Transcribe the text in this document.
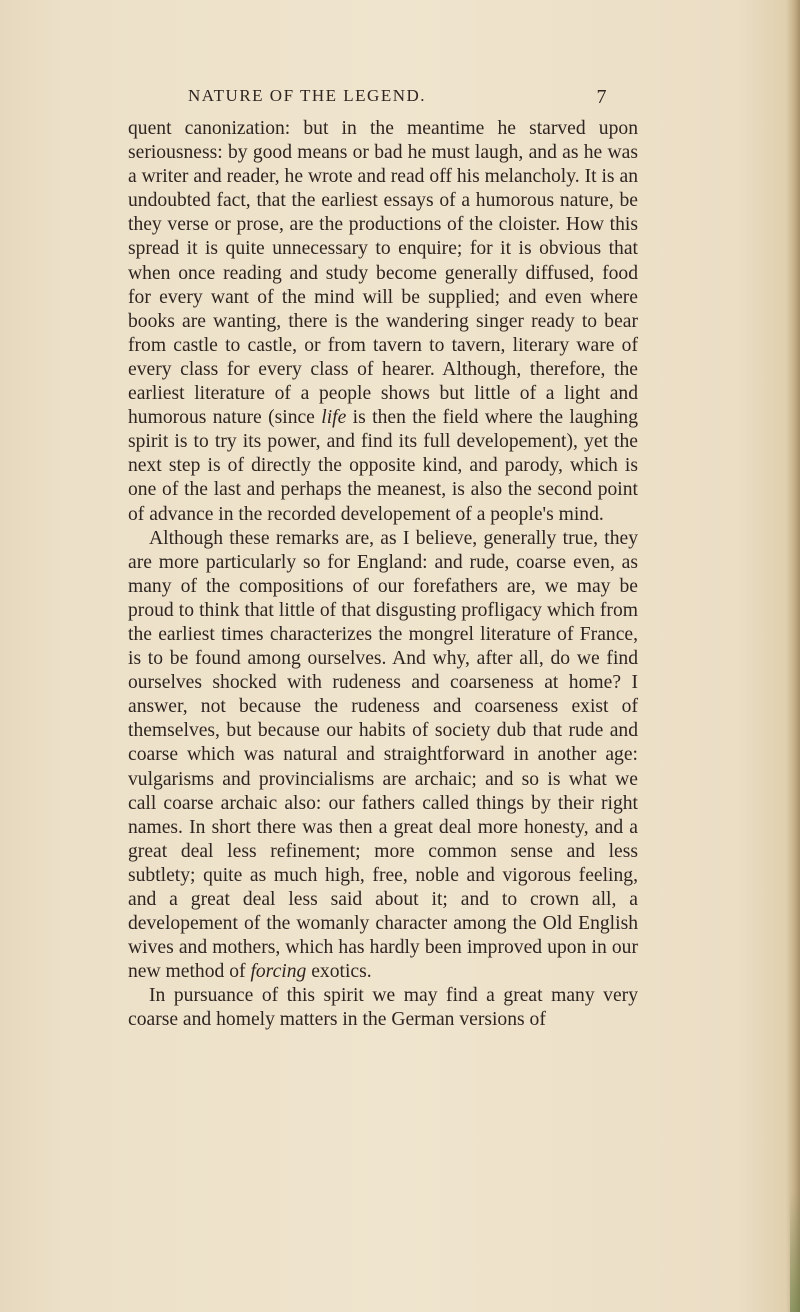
NATURE OF THE LEGEND.	7

quent canonization: but in the meantime he starved upon seriousness: by good means or bad he must laugh, and as he was a writer and reader, he wrote and read off his melancholy. It is an undoubted fact, that the earliest essays of a humorous nature, be they verse or prose, are the productions of the cloister. How this spread it is quite unnecessary to enquire; for it is obvious that when once reading and study become generally diffused, food for every want of the mind will be supplied; and even where books are wanting, there is the wandering singer ready to bear from castle to castle, or from tavern to tavern, literary ware of every class for every class of hearer. Although, therefore, the earliest literature of a people shows but little of a light and humorous nature (since life is then the field where the laughing spirit is to try its power, and find its full developement), yet the next step is of directly the opposite kind, and parody, which is one of the last and perhaps the meanest, is also the second point of advance in the recorded developement of a people's mind.

Although these remarks are, as I believe, generally true, they are more particularly so for England: and rude, coarse even, as many of the compositions of our forefathers are, we may be proud to think that little of that disgusting profligacy which from the earliest times characterizes the mongrel literature of France, is to be found among ourselves. And why, after all, do we find ourselves shocked with rudeness and coarseness at home? I answer, not because the rudeness and coarseness exist of themselves, but because our habits of society dub that rude and coarse which was natural and straightforward in another age: vulgarisms and provincialisms are archaic; and so is what we call coarse archaic also: our fathers called things by their right names. In short there was then a great deal more honesty, and a great deal less refinement; more common sense and less subtlety; quite as much high, free, noble and vigorous feeling, and a great deal less said about it; and to crown all, a developement of the womanly character among the Old English wives and mothers, which has hardly been improved upon in our new method of forcing exotics.

In pursuance of this spirit we may find a great many very coarse and homely matters in the German versions of
